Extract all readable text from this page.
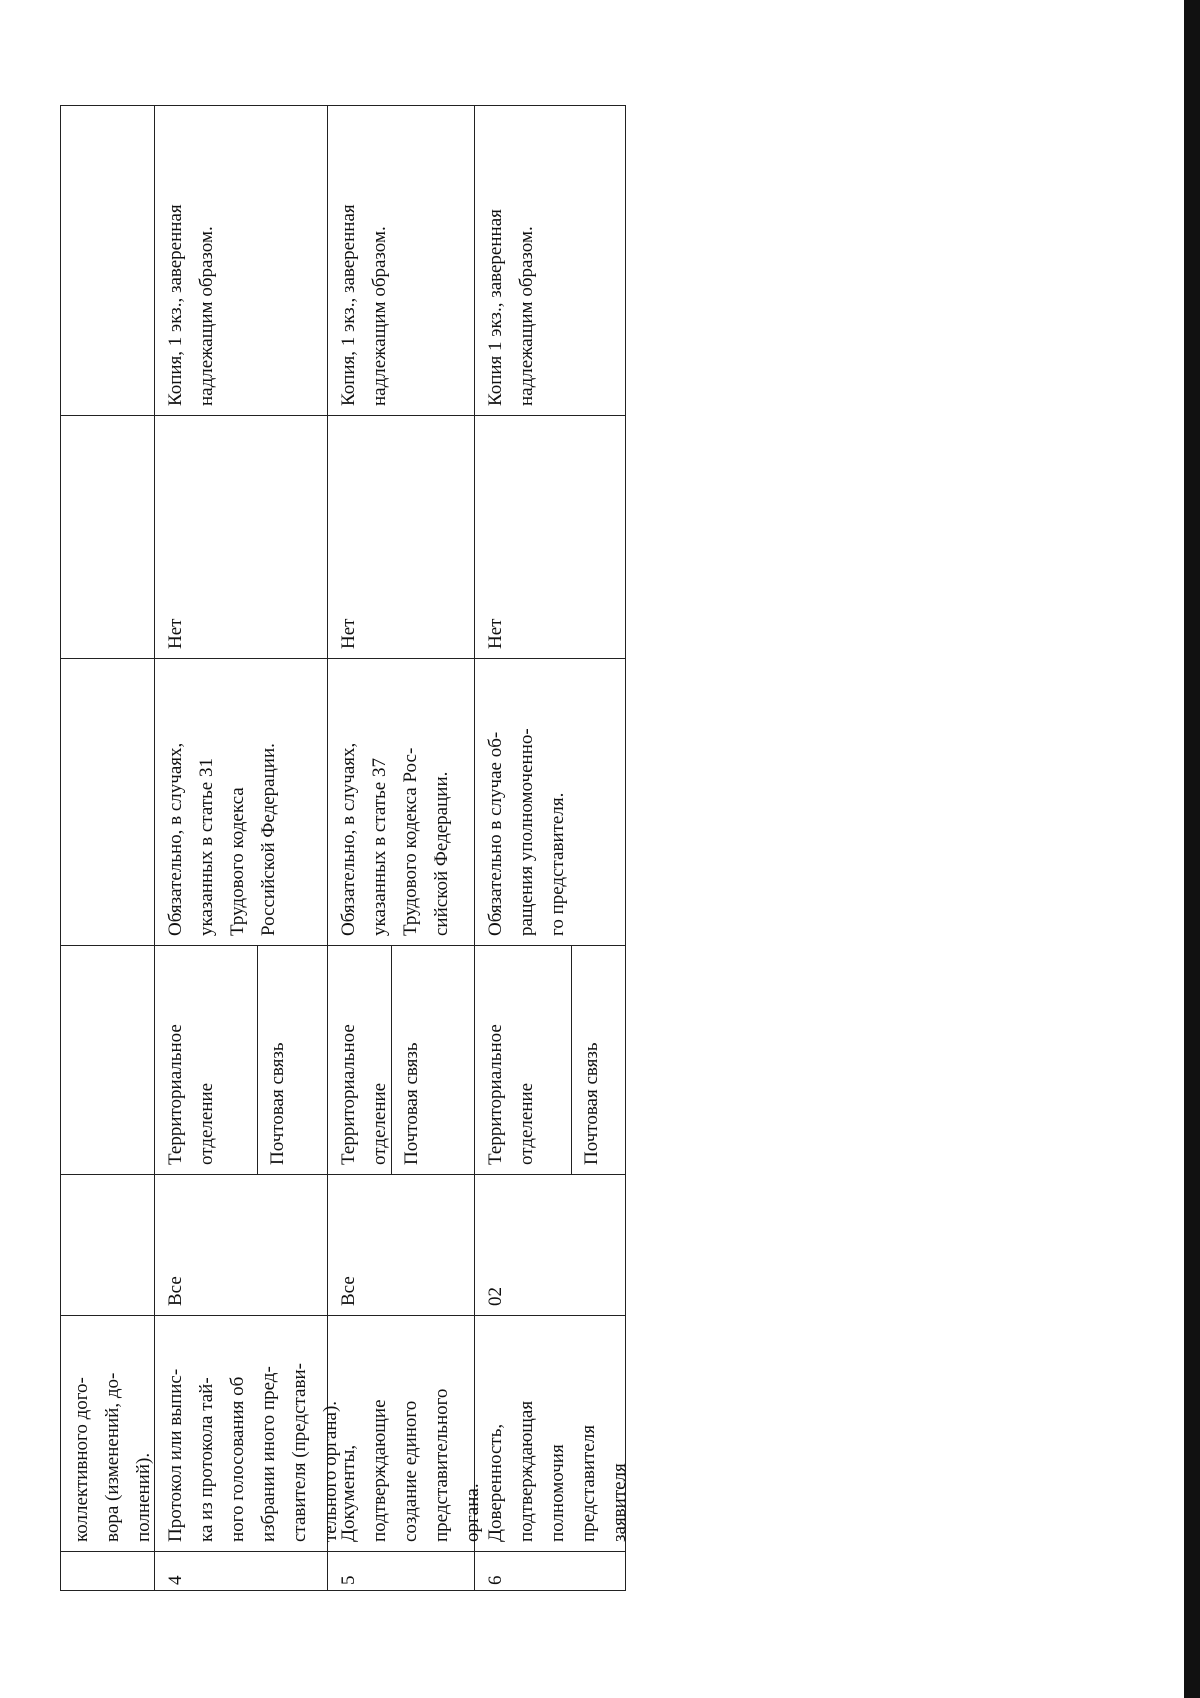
коллективного дого-
вора (изменений, до-
полнений).
4
Протокол или выпис-
ка из протокола тай-
ного голосования об
избрании иного пред-
ставителя (представи-
тельного органа).
Все
Территориальное
отделение	Почтовая связь
Обязательно, в случаях,
указанных в статье 31
Трудового кодекса
Российской Федерации.
Нет
Копия, 1 экз., заверенная
надлежащим образом.
5
Документы,
подтверждающие
создание единого
представительного
органа.
Все
Территориальное
отделение Почтовая связь
Обязательно, в случаях,
указанных в статье 37
Трудового кодекса Рос-
сийской Федерации.
Нет
Копия, 1 экз., заверенная
надлежащим образом.
6
Доверенность,
подтверждающая
полномочия
представителя
заявителя
02
Территориальное
отделение Почтовая связь
Обязательно в случае об-
ращения уполномоченно-
го представителя.
Нет
Копия 1 экз., заверенная
надлежащим образом.
